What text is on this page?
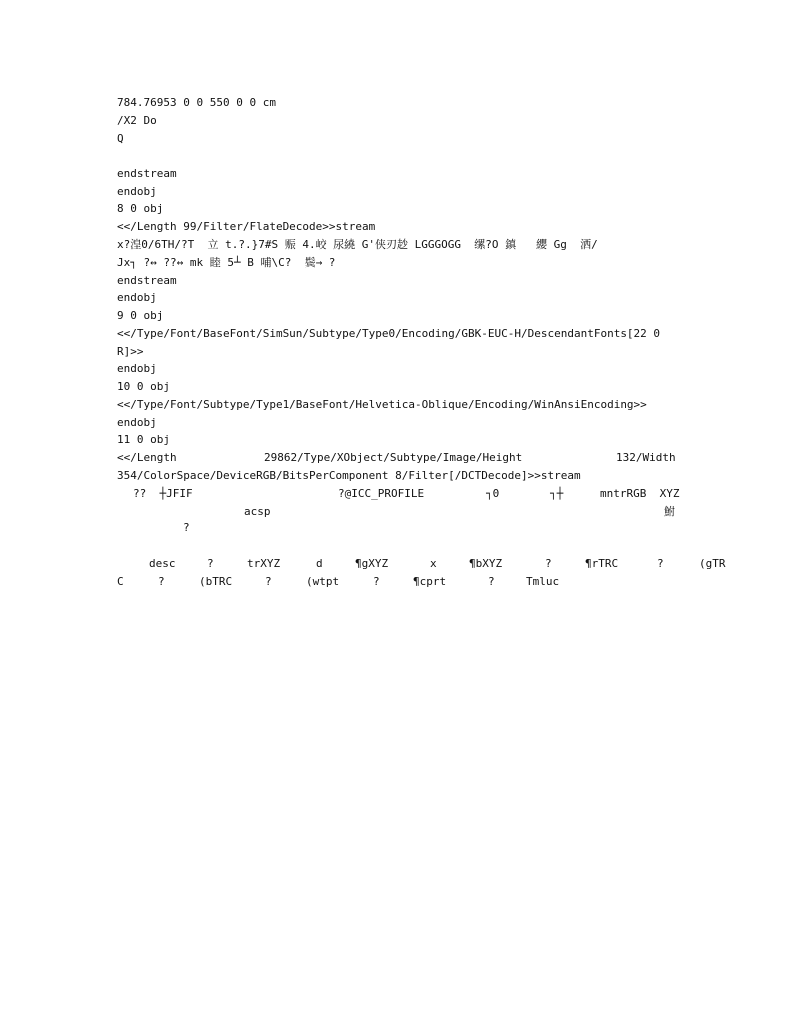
784.76953 0 0 550 0 0 cm
/X2 Do
Q
endstream
endobj
8 0 obj
<</Length 99/Filter/FlateDecode>>stream
x?湟0/6TH/?T  立 t.?.}7#S 赈 4.峧 尿繞 G'侠刃赻 LGGGOGG  缧?O 鎮   纓 Gg  洒/
Jx┐ ?↔ ??↔ mk 睦 5┴ B 哺\C?  鬓→ ?
endstream
endobj
9 0 obj
<</Type/Font/BaseFont/SimSun/Subtype/Type0/Encoding/GBK-EUC-H/DescendantFonts[22 0
R]>>
endobj
10 0 obj
<</Type/Font/Subtype/Type1/BaseFont/Helvetica-Oblique/Encoding/WinAnsiEncoding>>
endobj
11 0 obj
<</Length	29862/Type/XObject/Subtype/Image/Height	132/Width
354/ColorSpace/DeviceRGB/BitsPerComponent 8/Filter[/DCTDecode]>>stream
??  ┼JFIF	?@ICC_PROFILE	┐0	┐┼	mntrRGB  XYZ
acsp	鮒
?
desc	?	trXYZ	d	¶gXYZ	x	¶bXYZ	?	¶rTRC	?	(gTR
C	?	(bTRC	?	(wtpt	?	¶cprt	?	Tmluc
